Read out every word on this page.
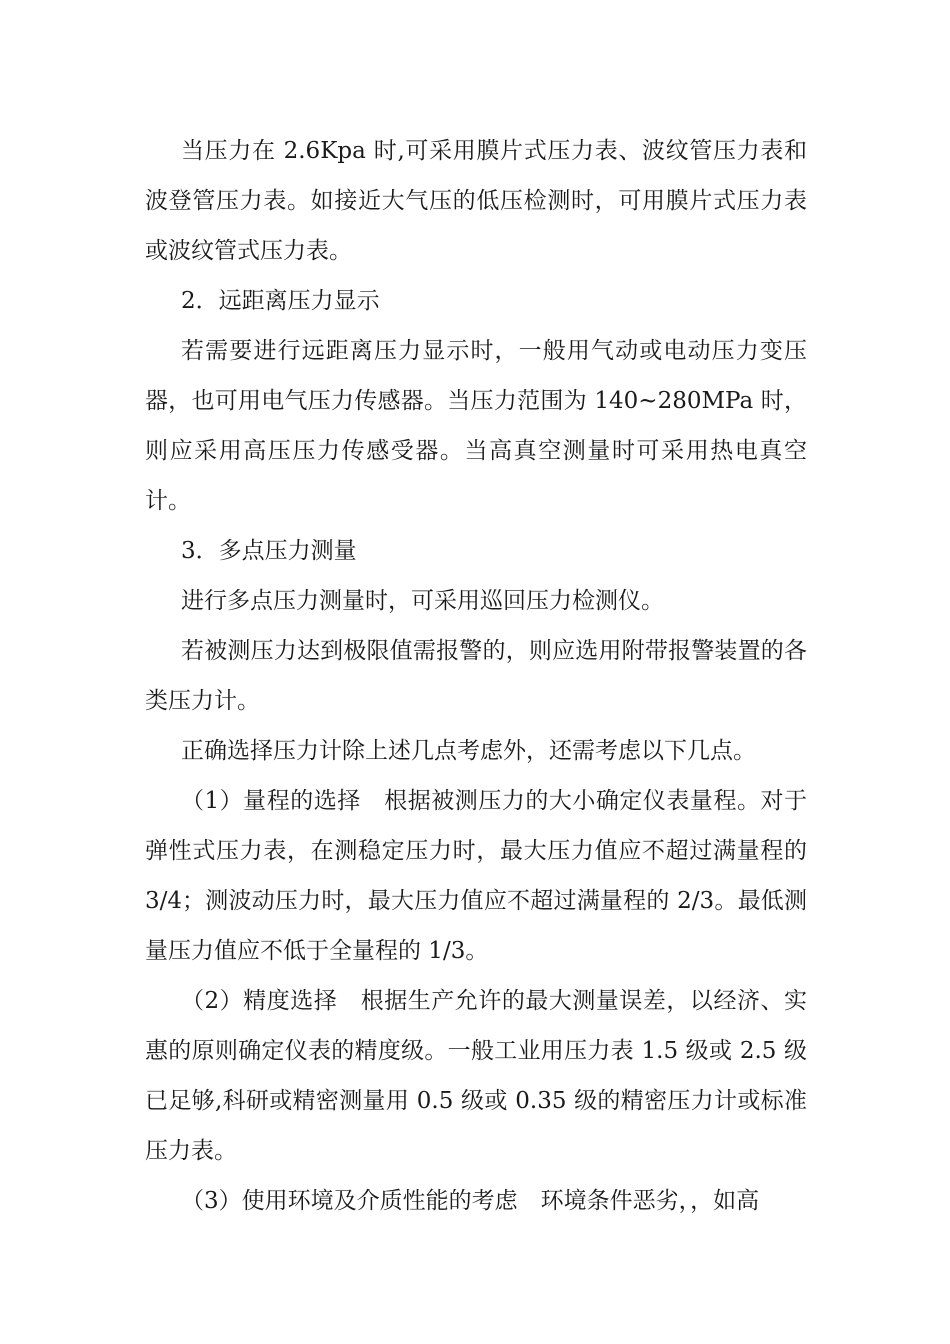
当压力在 2.6Kpa 时,可采用膜片式压力表、波纹管压力表和波登管压力表。如接近大气压的低压检测时，可用膜片式压力表或波纹管式压力表。

2．远距离压力显示

若需要进行远距离压力显示时，一般用气动或电动压力变压器，也可用电气压力传感器。当压力范围为 140~280MPa 时，则应采用高压压力传感受器。当高真空测量时可采用热电真空计。

3．多点压力测量

进行多点压力测量时，可采用巡回压力检测仪。

若被测压力达到极限值需报警的，则应选用附带报警装置的各类压力计。

正确选择压力计除上述几点考虑外，还需考虑以下几点。

（1）量程的选择　根据被测压力的大小确定仪表量程。对于弹性式压力表，在测稳定压力时，最大压力值应不超过满量程的 3/4；测波动压力时，最大压力值应不超过满量程的 2/3。最低测量压力值应不低于全量程的 1/3。

（2）精度选择　根据生产允许的最大测量误差，以经济、实惠的原则确定仪表的精度级。一般工业用压力表 1.5 级或 2.5 级已足够,科研或精密测量用 0.5 级或 0.35 级的精密压力计或标准压力表。

（3）使用环境及介质性能的考虑　环境条件恶劣，，如高
